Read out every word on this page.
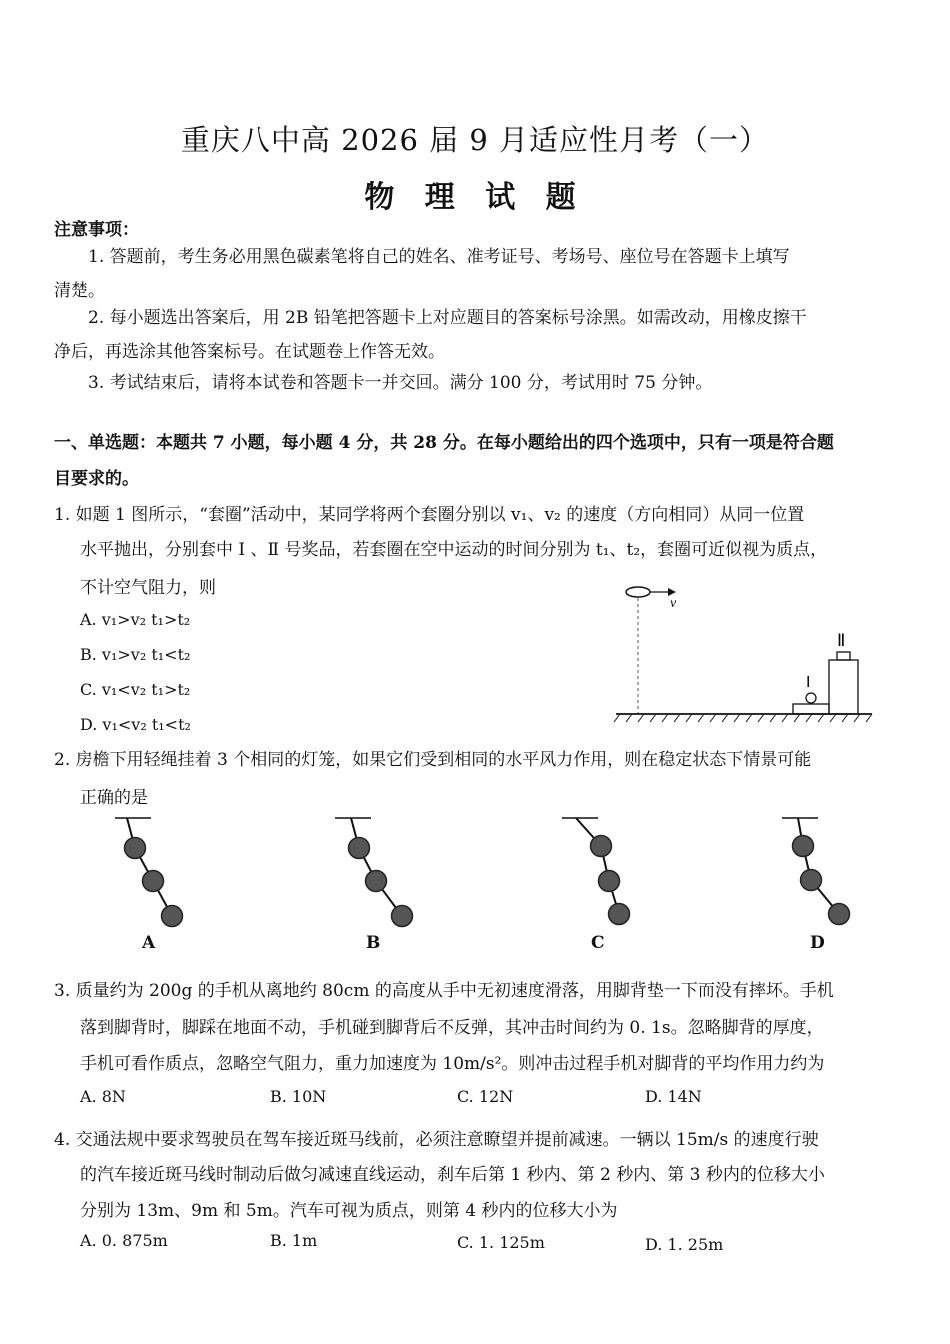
重庆八中高 2026 届 9 月适应性月考（一）
物 理 试 题
注意事项：
1. 答题前，考生务必用黑色碳素笔将自己的姓名、准考证号、考场号、座位号在答题卡上填写
清楚。
2. 每小题选出答案后，用 2B 铅笔把答题卡上对应题目的答案标号涂黑。如需改动，用橡皮擦干
净后，再选涂其他答案标号。在试题卷上作答无效。
3. 考试结束后，请将本试卷和答题卡一并交回。满分 100 分，考试用时 75 分钟。
一、单选题：本题共 7 小题，每小题 4 分，共 28 分。在每小题给出的四个选项中，只有一项是符合题
目要求的。
1. 如题 1 图所示，“套圈”活动中，某同学将两个套圈分别以 v₁、v₂ 的速度（方向相同）从同一位置
水平抛出，分别套中 Ⅰ 、Ⅱ 号奖品，若套圈在空中运动的时间分别为 t₁、t₂，套圈可近似视为质点，
不计空气阻力，则
A. v₁>v₂ t₁>t₂
B. v₁>v₂ t₁<t₂
C. v₁<v₂ t₁>t₂
D. v₁<v₂ t₁<t₂
v
Ⅰ
Ⅱ
2. 房檐下用轻绳挂着 3 个相同的灯笼，如果它们受到相同的水平风力作用，则在稳定状态下情景可能
正确的是
A	B	C	D
3. 质量约为 200g 的手机从离地约 80cm 的高度从手中无初速度滑落，用脚背垫一下而没有摔坏。手机
落到脚背时，脚踩在地面不动，手机碰到脚背后不反弹，其冲击时间约为 0. 1s。忽略脚背的厚度，
手机可看作质点，忽略空气阻力，重力加速度为 10m/s²。则冲击过程手机对脚背的平均作用力约为
A. 8N	B. 10N	C. 12N	D. 14N
4. 交通法规中要求驾驶员在驾车接近斑马线前，必须注意瞭望并提前减速。一辆以 15m/s 的速度行驶
的汽车接近斑马线时制动后做匀减速直线运动，刹车后第 1 秒内、第 2 秒内、第 3 秒内的位移大小
分别为 13m、9m 和 5m。汽车可视为质点，则第 4 秒内的位移大小为
A. 0. 875m	B. 1m	C. 1. 125m	D. 1. 25m
